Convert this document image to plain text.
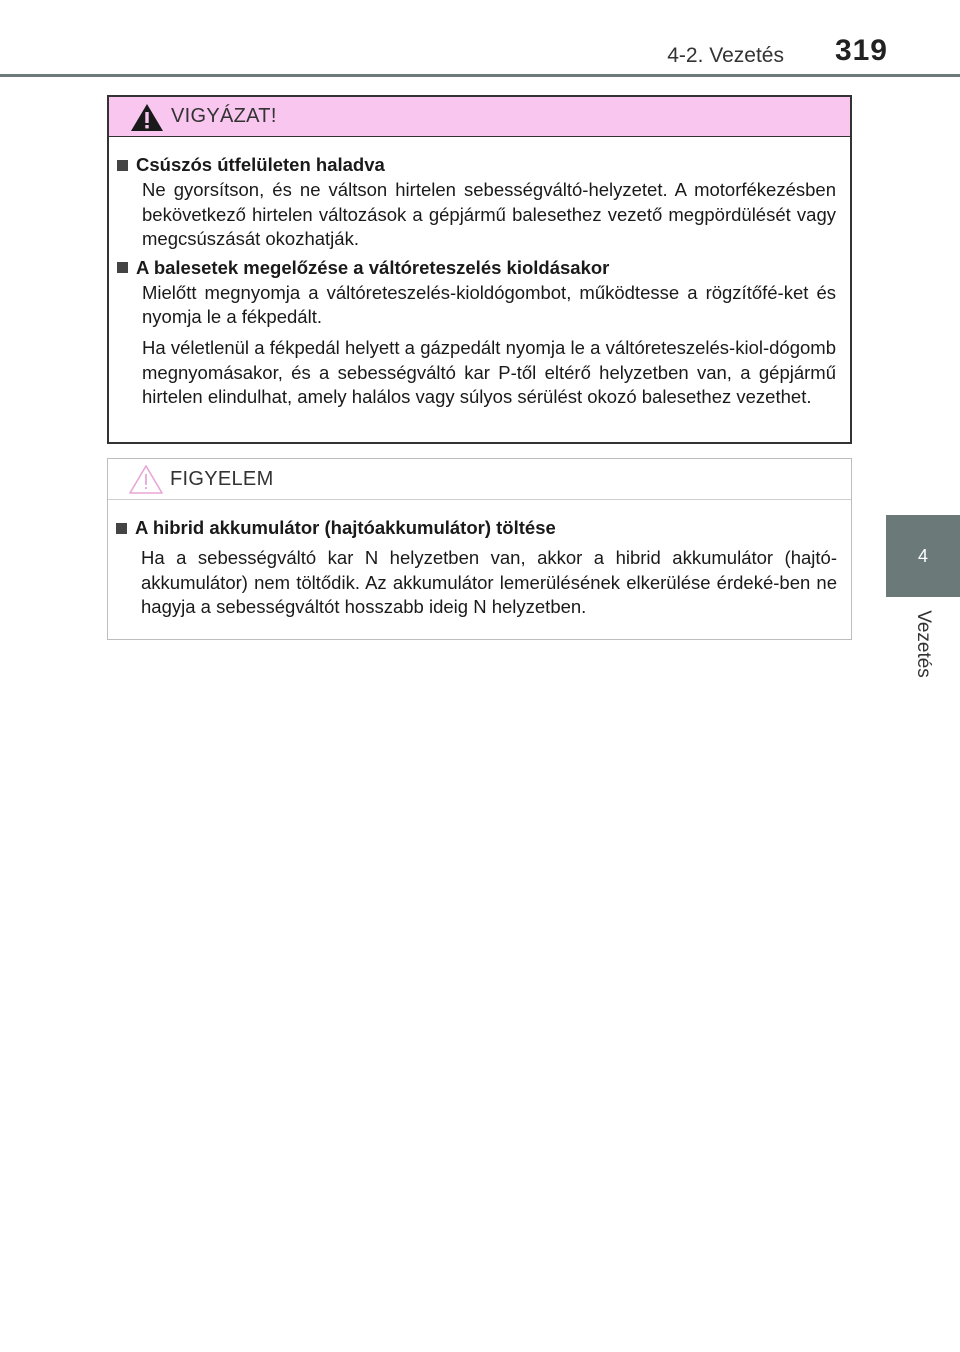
4-2. Vezetés	319
4
Vezetés
VIGYÁZAT!
Csúszós útfelületen haladva

Ne gyorsítson, és ne váltson hirtelen sebességváltó-helyzetet. A motorfékezésben bekövetkező hirtelen változások a gépjármű balesethez vezető megpördülését vagy megcsúszását okozhatják.

A balesetek megelőzése a váltóreteszelés kioldásakor

Mielőtt megnyomja a váltóreteszelés-kioldógombot, működtesse a rögzítőfé-ket és nyomja le a fékpedált.

Ha véletlenül a fékpedál helyett a gázpedált nyomja le a váltóreteszelés-kiol-dógomb megnyomásakor, és a sebességváltó kar P-től eltérő helyzetben van, a gépjármű hirtelen elindulhat, amely halálos vagy súlyos sérülést okozó balesethez vezethet.

FIGYELEM
A hibrid akkumulátor (hajtóakkumulátor) töltése

Ha a sebességváltó kar N helyzetben van, akkor a hibrid akkumulátor (hajtó-akkumulátor) nem töltődik. Az akkumulátor lemerülésének elkerülése érdeké-ben ne hagyja a sebességváltót hosszabb ideig N helyzetben.
